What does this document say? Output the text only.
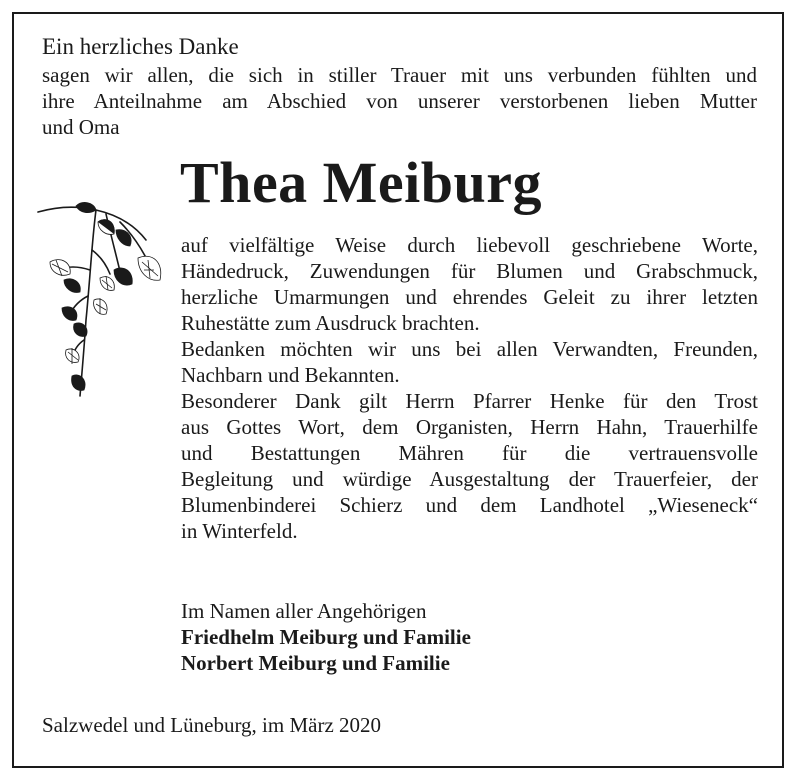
Ein herzliches Danke
sagen wir allen, die sich in stiller Trauer mit uns verbunden fühlten und
ihre Anteilnahme am Abschied von unserer verstorbenen lieben Mutter
und Oma
Thea Meiburg
auf vielfältige Weise durch liebevoll geschriebene Worte,
Händedruck, Zuwendungen für Blumen und Grabschmuck,
herzliche Umarmungen und ehrendes Geleit zu ihrer letzten
Ruhestätte zum Ausdruck brachten.
Bedanken möchten wir uns bei allen Verwandten, Freunden,
Nachbarn und Bekannten.
Besonderer Dank gilt Herrn Pfarrer Henke für den Trost
aus Gottes Wort, dem Organisten, Herrn Hahn, Trauerhilfe
und Bestattungen Mähren für die vertrauensvolle
Begleitung und würdige Ausgestaltung der Trauerfeier, der
Blumenbinderei Schierz und dem Landhotel „Wieseneck“
in Winterfeld.
Im Namen aller Angehörigen
Friedhelm Meiburg und Familie
Norbert Meiburg und Familie
Salzwedel und Lüneburg, im März 2020
